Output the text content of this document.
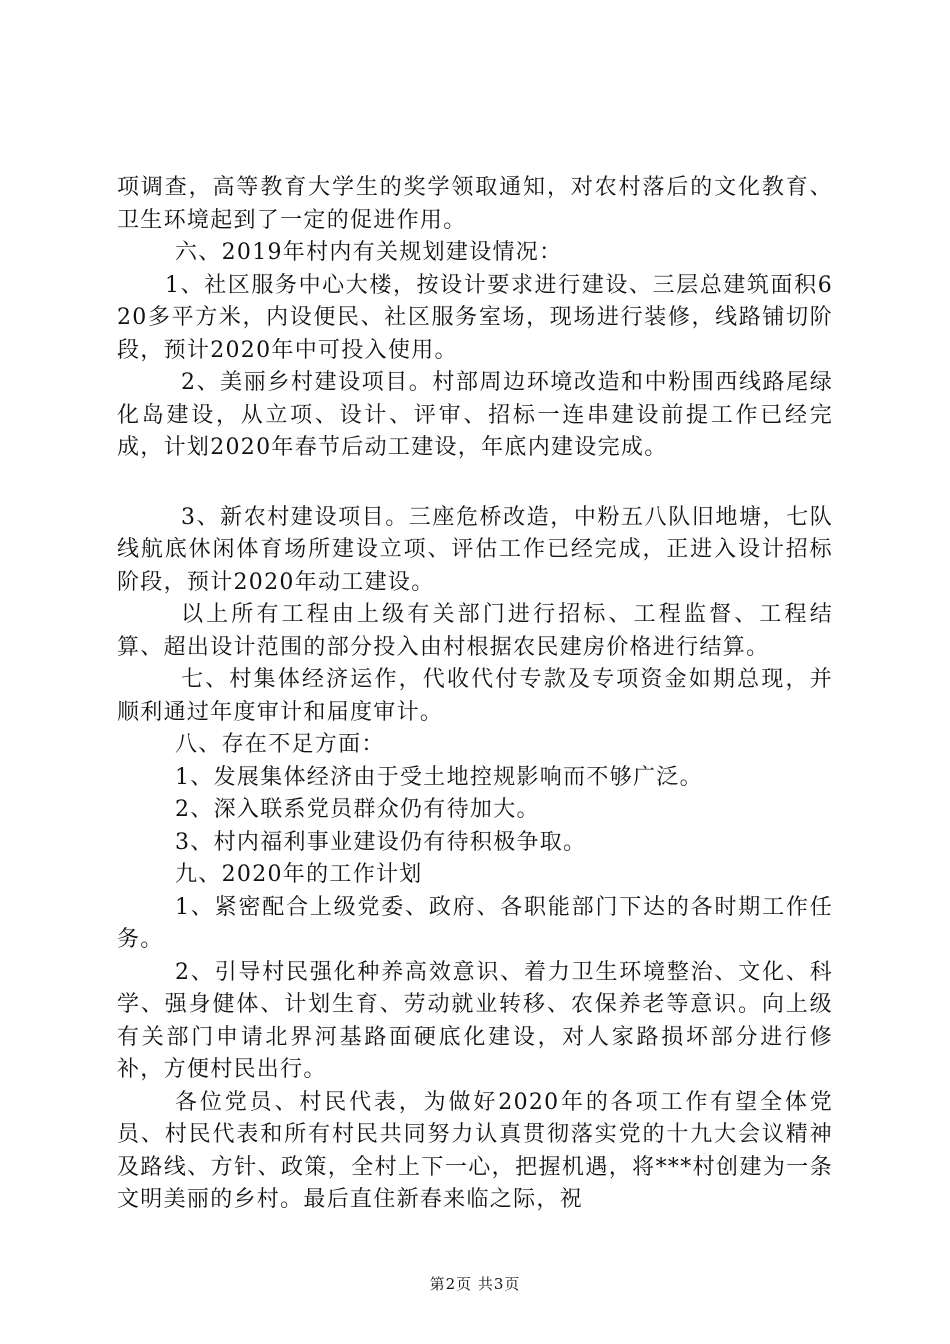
项调查，高等教育大学生的奖学领取通知，对农村落后的文化教育、卫生环境起到了一定的促进作用。

六、2019年村内有关规划建设情况：

1、社区服务中心大楼，按设计要求进行建设、三层总建筑面积620多平方米，内设便民、社区服务室场，现场进行装修，线路铺切阶段，预计2020年中可投入使用。

2、美丽乡村建设项目。村部周边环境改造和中粉围西线路尾绿化岛建设，从立项、设计、评审、招标一连串建设前提工作已经完成，计划2020年春节后动工建设，年底内建设完成。

3、新农村建设项目。三座危桥改造，中粉五八队旧地塘，七队线航底休闲体育场所建设立项、评估工作已经完成，正进入设计招标阶段，预计2020年动工建设。

以上所有工程由上级有关部门进行招标、工程监督、工程结算、超出设计范围的部分投入由村根据农民建房价格进行结算。

七、村集体经济运作，代收代付专款及专项资金如期总现，并顺利通过年度审计和届度审计。

八、存在不足方面：

1、发展集体经济由于受土地控规影响而不够广泛。

2、深入联系党员群众仍有待加大。

3、村内福利事业建设仍有待积极争取。

九、2020年的工作计划

1、紧密配合上级党委、政府、各职能部门下达的各时期工作任务。

2、引导村民强化种养高效意识、着力卫生环境整治、文化、科学、强身健体、计划生育、劳动就业转移、农保养老等意识。向上级有关部门申请北界河基路面硬底化建设，对人家路损坏部分进行修补，方便村民出行。

各位党员、村民代表，为做好2020年的各项工作有望全体党员、村民代表和所有村民共同努力认真贯彻落实党的十九大会议精神及路线、方针、政策，全村上下一心，把握机遇，将***村创建为一条文明美丽的乡村。最后直住新春来临之际，祝

第2页 共3页
